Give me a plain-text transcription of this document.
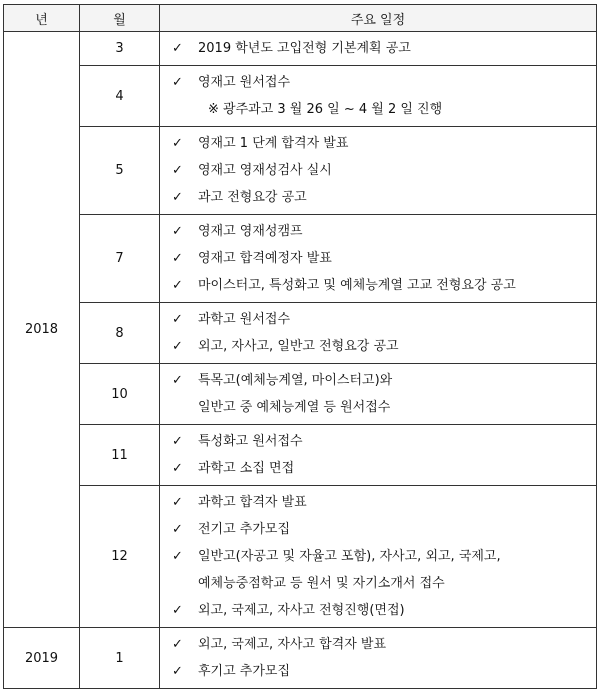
년	월	주요 일정
2018	3	✓ 2019 학년도 고입전형 기본계획 공고

	4	✓ 영재고 원서접수
※ 광주과고 3 월 26 일 ~ 4 월 2 일 진행

	5	✓ 영재고 1 단계 합격자 발표
✓ 영재고 영재성검사 실시
✓ 과고 전형요강 공고

	7	✓ 영재고 영재성캠프
✓ 영재고 합격예정자 발표
✓ 마이스터고, 특성화고 및 예체능계열 고교 전형요강 공고

	8	✓ 과학고 원서접수
✓ 외고, 자사고, 일반고 전형요강 공고

	10	✓ 특목고(예체능계열, 마이스터고)와
일반고 중 예체능계열 등 원서접수

	11	✓ 특성화고 원서접수
✓ 과학고 소집 면접

	12	✓ 과학고 합격자 발표
✓ 전기고 추가모집
✓ 일반고(자공고 및 자율고 포함), 자사고, 외고, 국제고,
예체능중점학교 등 원서 및 자기소개서 접수
✓ 외고, 국제고, 자사고 전형진행(면접)

2019	1	✓ 외고, 국제고, 자사고 합격자 발표
✓ 후기고 추가모집
